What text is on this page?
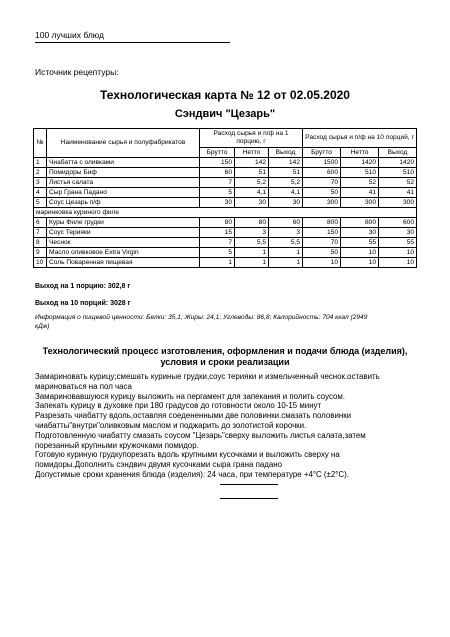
100 лучших блюд
Источник рецептуры:
Технологическая карта № 12 от 02.05.2020
Сэндвич "Цезарь"
№	Наименование сырья и полуфабрикатов	Расход сырья и п/ф на 1 порцию, г			Расход сырья и п/ф на 10 порций, г		
		Брутто	Нетто	Выход	Брутто	Нетто	Выход
1	Чиабатта с оливками	150	142	142	1500	1420	1420
2	Помидоры Биф	60	51	51	600	510	510
3	Листья салата	7	5,2	5,2	70	52	52
4	Сыр Грана Падано	5	4,1	4,1	50	41	41
5	Соус Цезарь п/ф	30	30	30	300	300	300
маринковка куриного филе							
6	Куры Филе грудки	80	80	60	800	800	600
7	Соус Терияки	15	3	3	150	30	30
8	Чеснок	7	5,5	5,5	70	55	55
9	Масло оливковое Extra Virgin	5	1	1	50	10	10
10	Соль Поваренная пищевая	1	1	1	10	10	10
Выход на 1 порцию: 302,8 г
Выход на 10 порций: 3028 г
Информация о пищевой ценности: Белки: 35,1; Жиры: 24,1; Углеводы: 86,8; Калорийность: 704 ккал (2949 кДж)
Технологический процесс изготовления, оформления и подачи блюда (изделия),
условия и сроки реализации
Замариновать курицу;смешать куриные грудки,соус терияки и измельченный чеснок.оставить
мариноваться на пол часа
Замариновавшуюся курицу выложить на пергамент для запекания и полить соусом.
Запекать курицу в духовке при 180 градусов до готовности около 10-15 минут
Разрезать чиабатту вдоль,оставляя соедененными две половинки.смазать половинки
чиабатты"внутри"оливковым маслом и поджарить до золотистой корочки.
Подготовленную чиабатту смазать соусом "Цезарь"сверху выложить листья салата,затем
порезанный крупными кружочками помидор.
Готовую куриную грудкупорезать вдоль крупными кусочками и выложить сверху на
помидоры.Дополнить сэндвич двумя кусочками сыра грана падано
Допустимые сроки хранения блюда (изделия): 24 часа, при температуре +4°С (±2°С).
